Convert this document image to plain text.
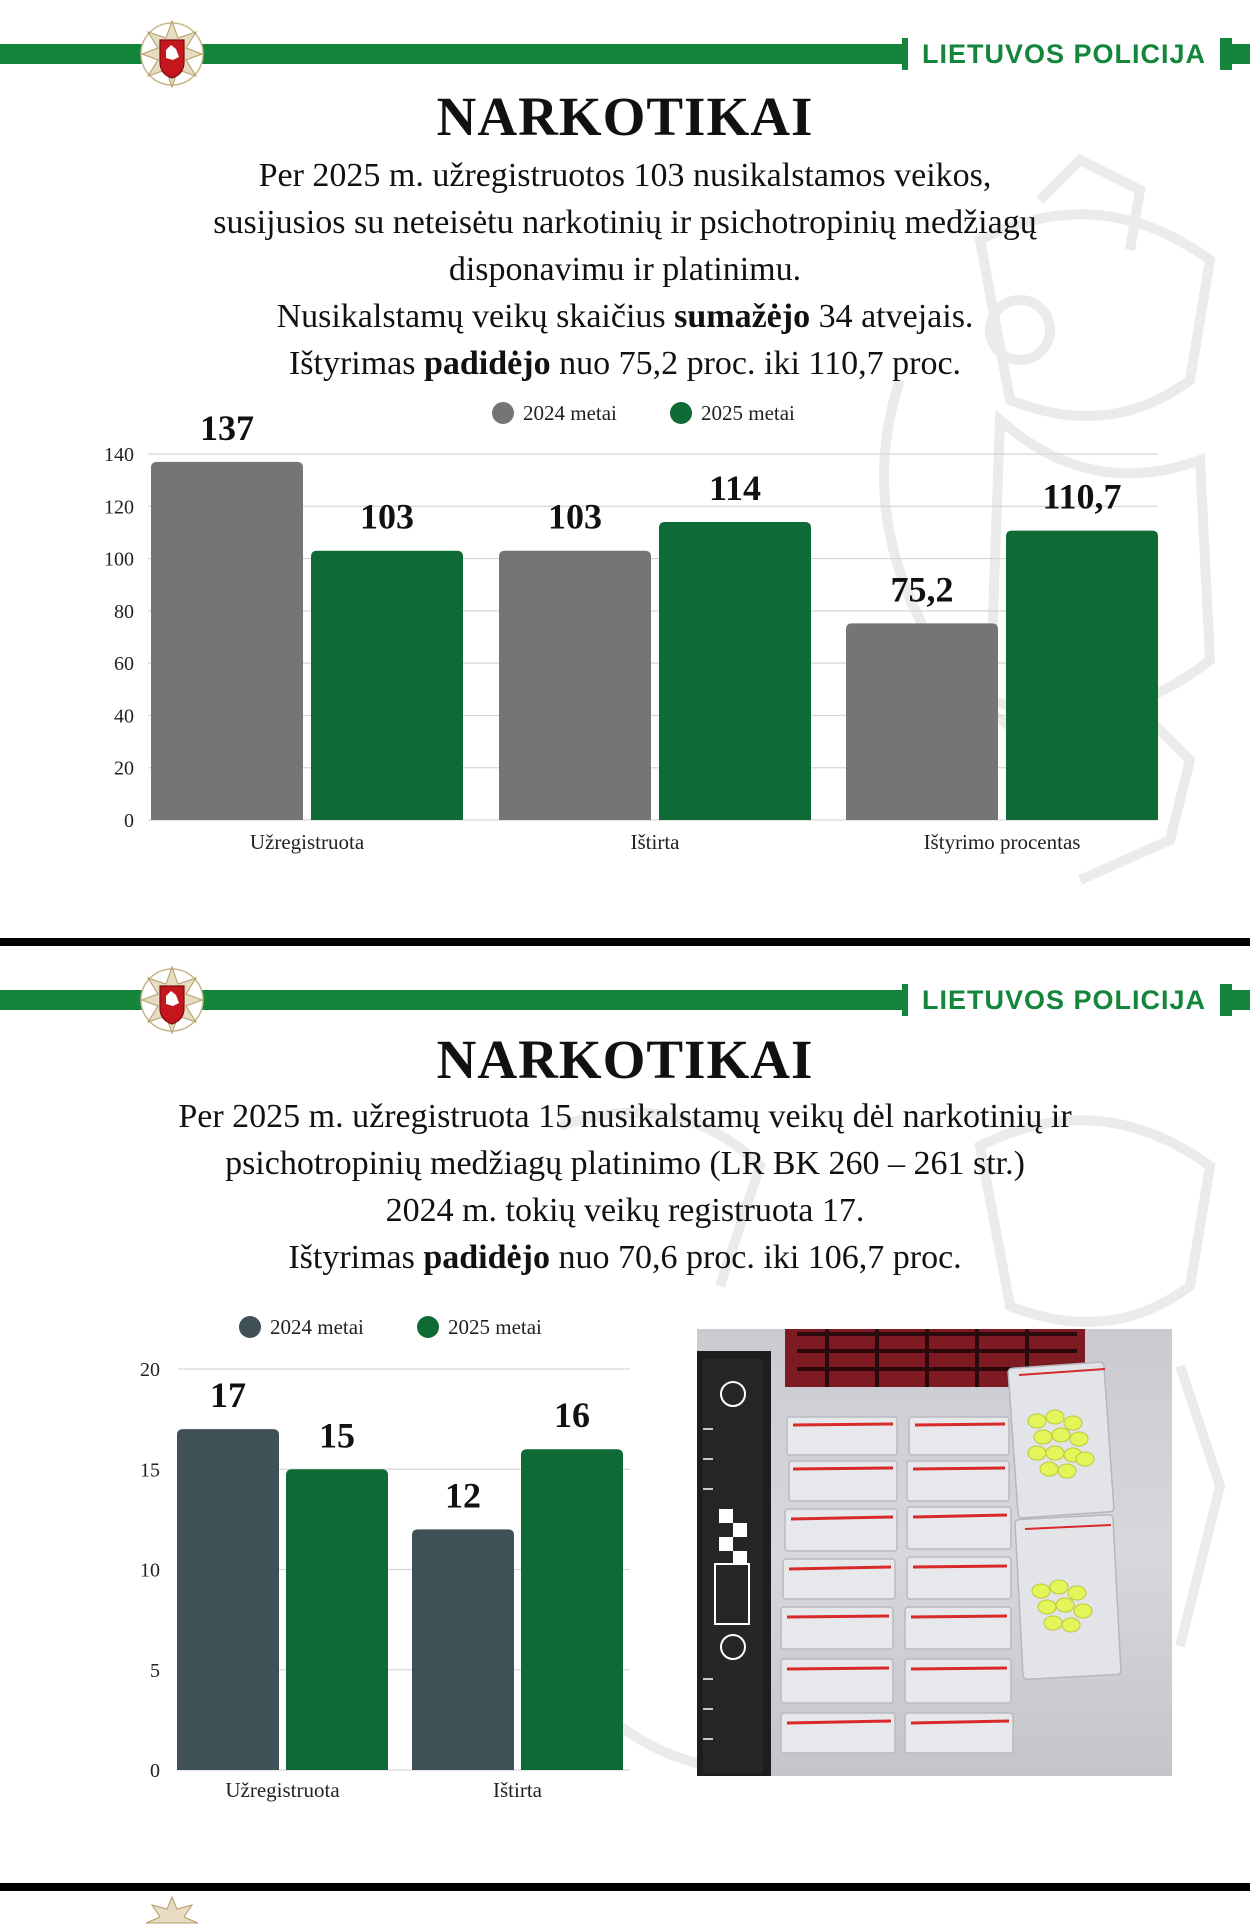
LIETUVOS POLICIJA
NARKOTIKAI
Per 2025 m. užregistruotos 103 nusikalstamos veikos,
susijusios su neteisėtu narkotinių ir psichotropinių medžiagų
disponavimu ir platinimu.
Nusikalstamų veikų skaičius sumažėjo 34 atvejais.
Ištyrimas padidėjo nuo 75,2 proc. iki 110,7 proc.
0
20
40
60
80
100
120
140
2024 metai	2025 metai
137
103
Užregistruota
103
114
Ištirta
75,2
110,7
Ištyrimo procentas
LIETUVOS POLICIJA
NARKOTIKAI
Per 2025 m. užregistruota 15 nusikalstamų veikų dėl narkotinių ir
psichotropinių medžiagų platinimo (LR BK 260 – 261 str.)
2024 m. tokių veikų registruota 17.
Ištyrimas padidėjo nuo 70,6 proc. iki 106,7 proc.
0
5
10
15
20
2024 metai	2025 metai
17
15
Užregistruota
12
16
Ištirta
